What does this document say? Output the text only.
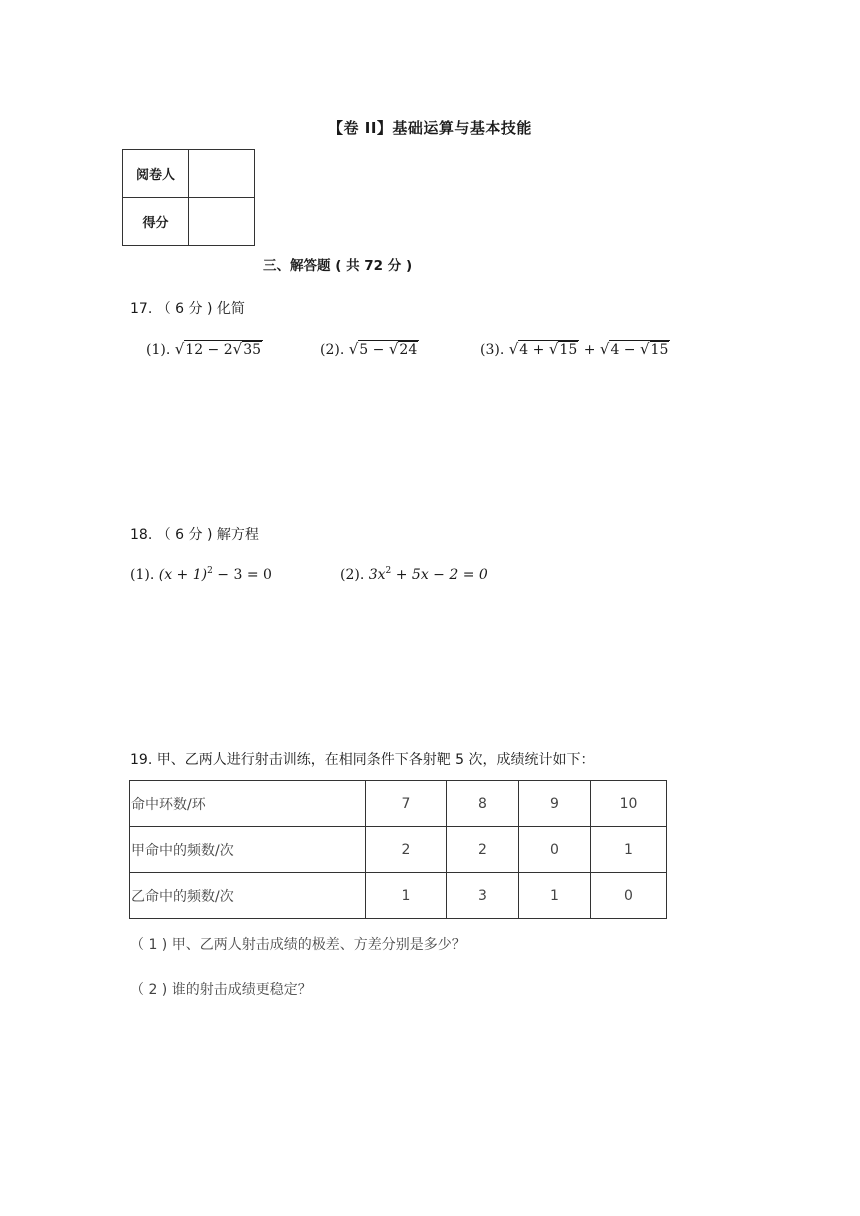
【卷 II】基础运算与基本技能
阅卷人	
得分	
三、解答题 ( 共 72 分 )
17. （ 6 分 ) 化简
(1). √12 − 2√35	(2). √5 − √24	(3). √4 + √15 + √4 − √15
18. （ 6 分 ) 解方程
(1). $(x + 1)^2 - 3 = 0$	(2). $3x^2 + 5x - 2 = 0$
19. 甲、乙两人进行射击训练，在相同条件下各射靶 5 次，成绩统计如下：
命中环数/环	7	8	9	10
甲命中的频数/次	2	2	0	1
乙命中的频数/次	1	3	1	0
（ 1 ) 甲、乙两人射击成绩的极差、方差分别是多少？
（ 2 ) 谁的射击成绩更稳定？
